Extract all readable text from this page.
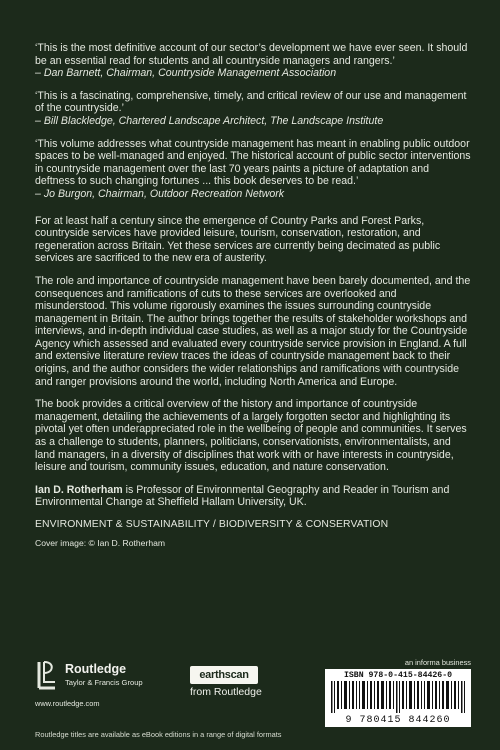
‘This is the most definitive account of our sector’s development we have ever seen. It should be an essential read for students and all countryside managers and rangers.’
– Dan Barnett, Chairman, Countryside Management Association
‘This is a fascinating, comprehensive, timely, and critical review of our use and management of the countryside.’
– Bill Blackledge, Chartered Landscape Architect, The Landscape Institute
‘This volume addresses what countryside management has meant in enabling public outdoor spaces to be well-managed and enjoyed. The historical account of public sector interventions in countryside management over the last 70 years paints a picture of adaptation and deftness to such changing fortunes ... this book deserves to be read.’
– Jo Burgon, Chairman, Outdoor Recreation Network

For at least half a century since the emergence of Country Parks and Forest Parks, countryside services have provided leisure, tourism, conservation, restoration, and regeneration across Britain. Yet these services are currently being decimated as public services are sacrificed to the new era of austerity.

The role and importance of countryside management have been barely documented, and the consequences and ramifications of cuts to these services are overlooked and misunderstood. This volume rigorously examines the issues surrounding countryside management in Britain. The author brings together the results of stakeholder workshops and interviews, and in-depth individual case studies, as well as a major study for the Countryside Agency which assessed and evaluated every countryside service provision in England. A full and extensive literature review traces the ideas of countryside management back to their origins, and the author considers the wider relationships and ramifications with countryside and ranger provisions around the world, including North America and Europe.

The book provides a critical overview of the history and importance of countryside management, detailing the achievements of a largely forgotten sector and highlighting its pivotal yet often underappreciated role in the wellbeing of people and communities. It serves as a challenge to students, planners, politicians, conservationists, environmentalists, and land managers, in a diversity of disciplines that work with or have interests in countryside, leisure and tourism, community issues, education, and nature conservation.

Ian D. Rotherham is Professor of Environmental Geography and Reader in Tourism and Environmental Change at Sheffield Hallam University, UK.

ENVIRONMENT & SUSTAINABILITY / BIODIVERSITY & CONSERVATION

Cover image: © Ian D. Rotherham

Routledge
Taylor & Francis Group
www.routledge.com
earthscan
from Routledge
an informa business
ISBN 978-0-415-84426-0
9 780415 844260
Routledge titles are available as eBook editions in a range of digital formats
